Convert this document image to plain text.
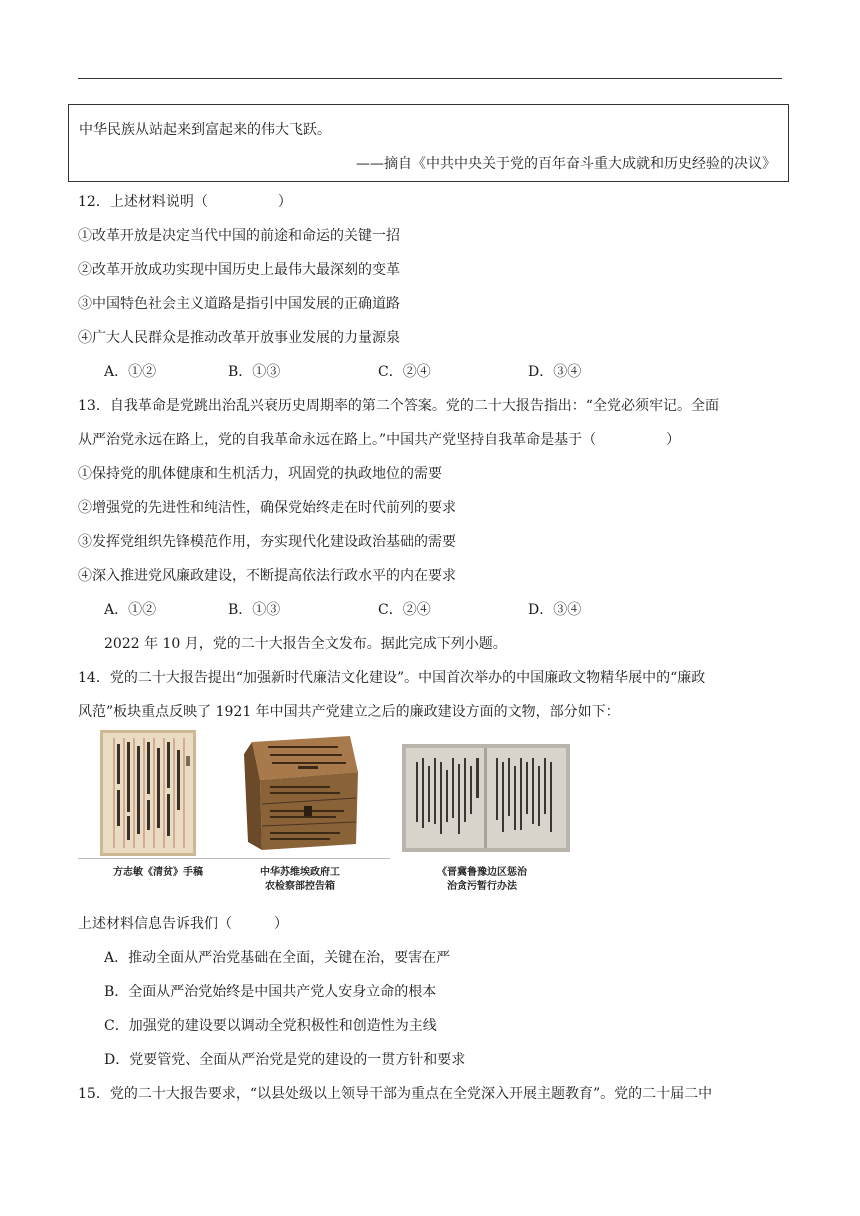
中华民族从站起来到富起来的伟大飞跃。
——摘自《中共中央关于党的百年奋斗重大成就和历史经验的决议》
12．上述材料说明（　　　　　）
①改革开放是决定当代中国的前途和命运的关键一招
②改革开放成功实现中国历史上最伟大最深刻的变革
③中国特色社会主义道路是指引中国发展的正确道路
④广大人民群众是推动改革开放事业发展的力量源泉
A．①②	B．①③	C．②④	D．③④
13．自我革命是党跳出治乱兴衰历史周期率的第二个答案。党的二十大报告指出：“全党必须牢记。全面
从严治党永远在路上，党的自我革命永远在路上。”中国共产党坚持自我革命是基于（　　　　　）
①保持党的肌体健康和生机活力，巩固党的执政地位的需要
②增强党的先进性和纯洁性，确保党始终走在时代前列的要求
③发挥党组织先锋模范作用，夯实现代化建设政治基础的需要
④深入推进党风廉政建设，不断提高依法行政水平的内在要求
A．①②	B．①③	C．②④	D．③④
2022 年 10 月，党的二十大报告全文发布。据此完成下列小题。
14．党的二十大报告提出“加强新时代廉洁文化建设”。中国首次举办的中国廉政文物精华展中的“廉政
风范”板块重点反映了 1921 年中国共产党建立之后的廉政建设方面的文物，部分如下：
方志敏《清贫》手稿	中华苏维埃政府工
农检察部控告箱
《晋冀鲁豫边区惩治
治贪污暂行办法
上述材料信息告诉我们（　　　）
A．推动全面从严治党基础在全面，关键在治，要害在严
B．全面从严治党始终是中国共产党人安身立命的根本
C．加强党的建设要以调动全党积极性和创造性为主线
D．党要管党、全面从严治党是党的建设的一贯方针和要求
15．党的二十大报告要求，“以县处级以上领导干部为重点在全党深入开展主题教育”。党的二十届二中
